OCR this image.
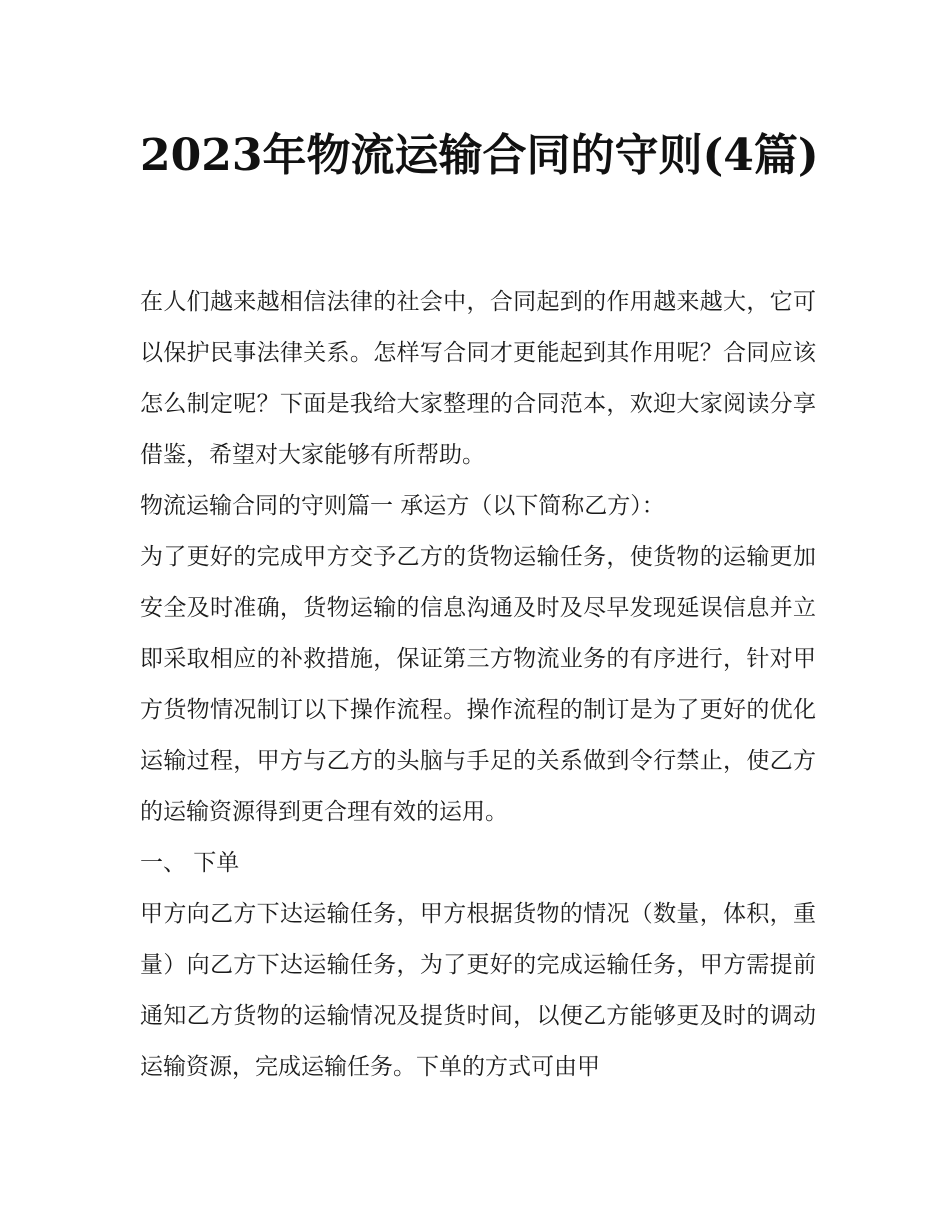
2023年物流运输合同的守则(4篇)

在人们越来越相信法律的社会中，合同起到的作用越来越大，它可以保护民事法律关系。怎样写合同才更能起到其作用呢？合同应该怎么制定呢？下面是我给大家整理的合同范本，欢迎大家阅读分享借鉴，希望对大家能够有所帮助。

物流运输合同的守则篇一 承运方（以下简称乙方）：

为了更好的完成甲方交予乙方的货物运输任务，使货物的运输更加安全及时准确，货物运输的信息沟通及时及尽早发现延误信息并立即采取相应的补救措施，保证第三方物流业务的有序进行，针对甲方货物情况制订以下操作流程。操作流程的制订是为了更好的优化运输过程，甲方与乙方的头脑与手足的关系做到令行禁止，使乙方的运输资源得到更合理有效的运用。

一、 下单

甲方向乙方下达运输任务，甲方根据货物的情况（数量，体积，重量）向乙方下达运输任务，为了更好的完成运输任务，甲方需提前通知乙方货物的运输情况及提货时间，以便乙方能够更及时的调动运输资源，完成运输任务。下单的方式可由甲
